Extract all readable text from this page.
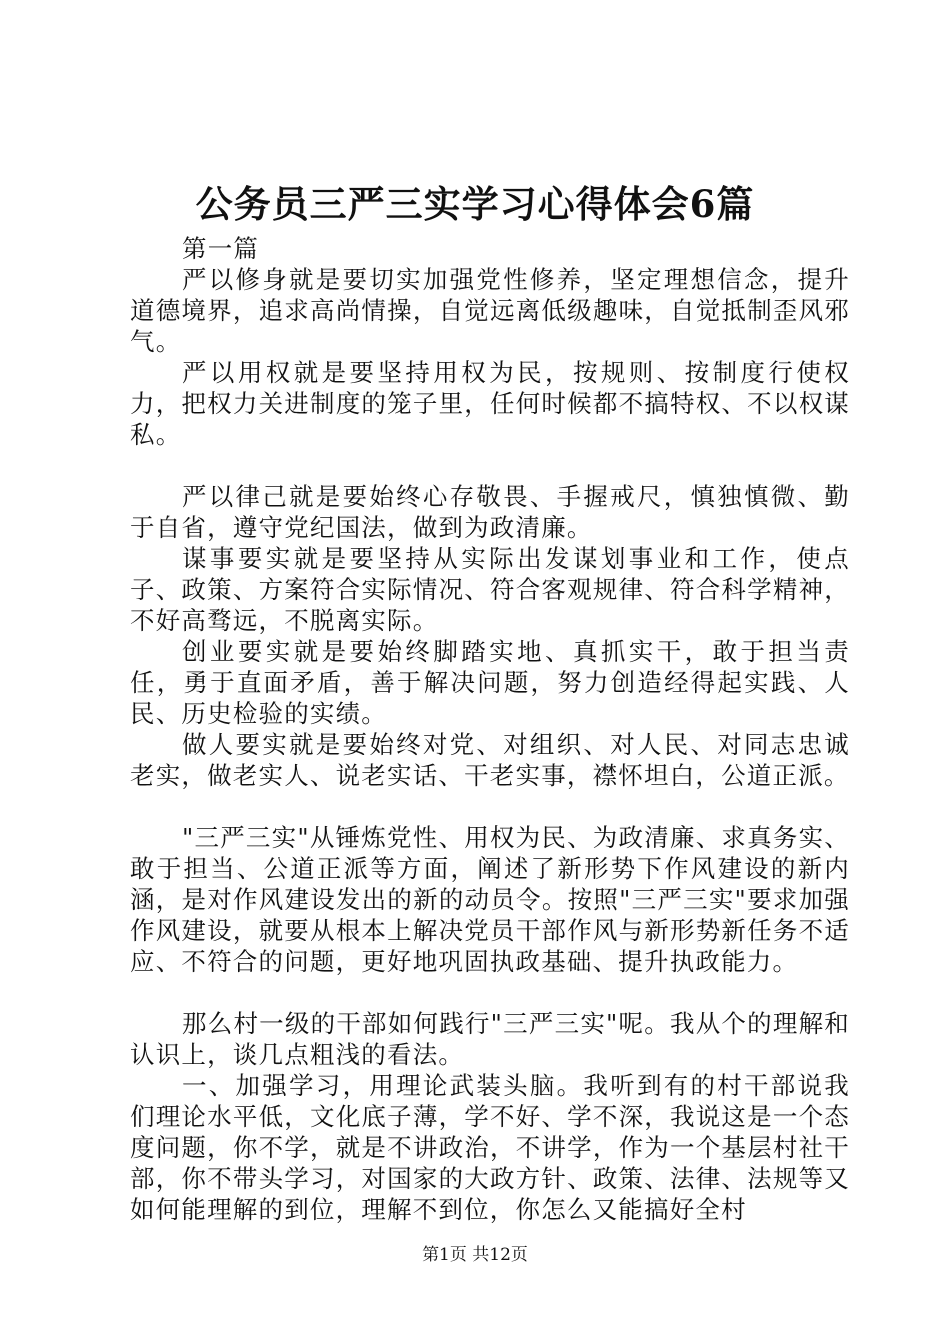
公务员三严三实学习心得体会6篇

第一篇

严以修身就是要切实加强党性修养，坚定理想信念，提升道德境界，追求高尚情操，自觉远离低级趣味，自觉抵制歪风邪气。

严以用权就是要坚持用权为民，按规则、按制度行使权力，把权力关进制度的笼子里，任何时候都不搞特权、不以权谋私。

严以律己就是要始终心存敬畏、手握戒尺，慎独慎微、勤于自省，遵守党纪国法，做到为政清廉。

谋事要实就是要坚持从实际出发谋划事业和工作，使点子、政策、方案符合实际情况、符合客观规律、符合科学精神，不好高骛远，不脱离实际。

创业要实就是要始终脚踏实地、真抓实干，敢于担当责任，勇于直面矛盾，善于解决问题，努力创造经得起实践、人民、历史检验的实绩。

做人要实就是要始终对党、对组织、对人民、对同志忠诚老实，做老实人、说老实话、干老实事，襟怀坦白，公道正派。

"三严三实"从锤炼党性、用权为民、为政清廉、求真务实、敢于担当、公道正派等方面，阐述了新形势下作风建设的新内涵，是对作风建设发出的新的动员令。按照"三严三实"要求加强作风建设，就要从根本上解决党员干部作风与新形势新任务不适应、不符合的问题，更好地巩固执政基础、提升执政能力。

那么村一级的干部如何践行"三严三实"呢。我从个的理解和认识上，谈几点粗浅的看法。

一、加强学习，用理论武装头脑。我听到有的村干部说我们理论水平低，文化底子薄，学不好、学不深，我说这是一个态度问题，你不学，就是不讲政治，不讲学，作为一个基层村社干部，你不带头学习，对国家的大政方针、政策、法律、法规等又如何能理解的到位，理解不到位，你怎么又能搞好全村

第1页 共12页
